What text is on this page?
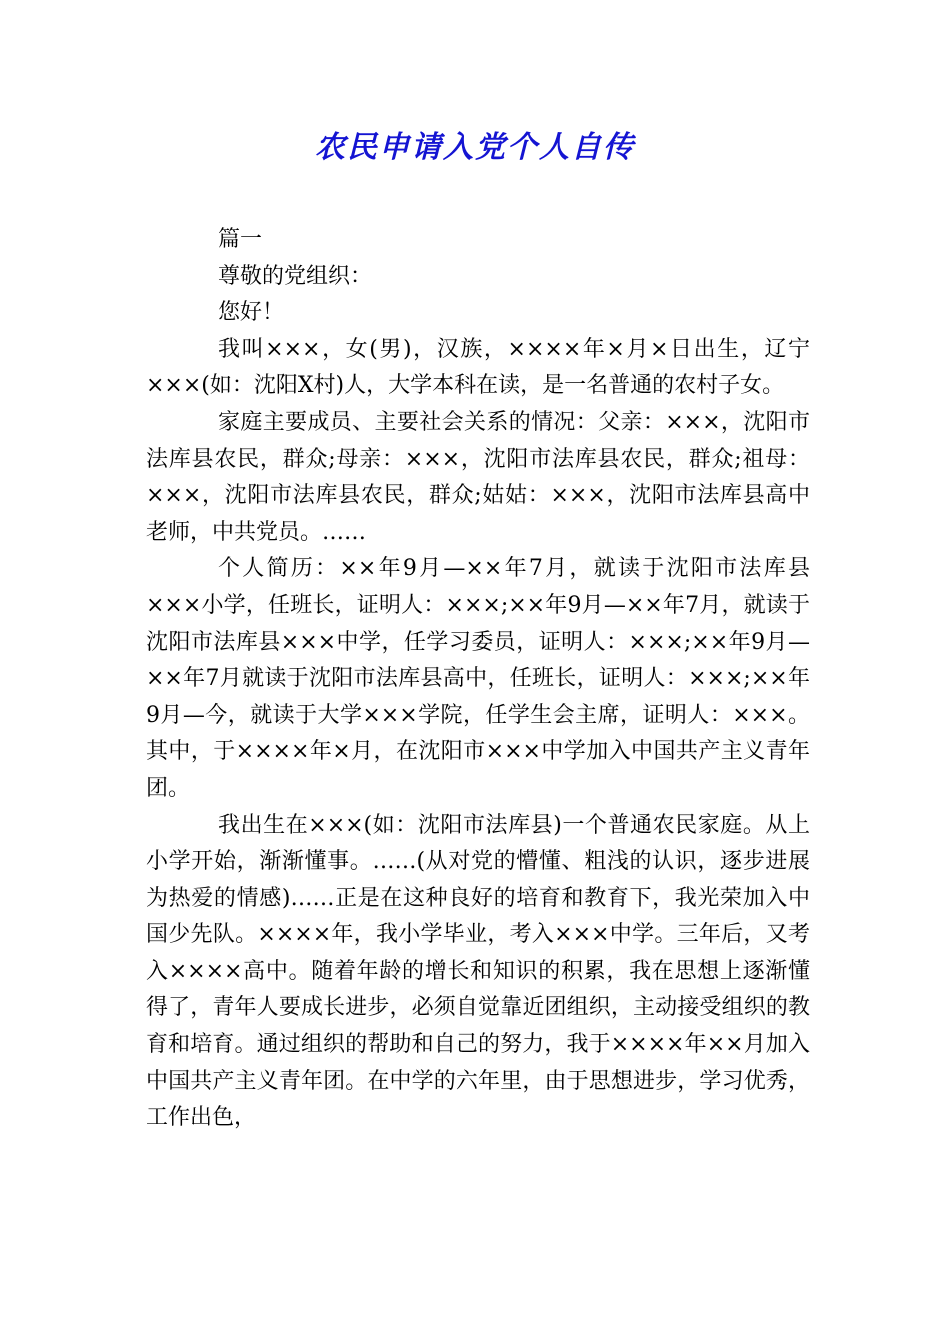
农民申请入党个人自传

篇一

尊敬的党组织：

您好！

我叫×××，女(男)，汉族，××××年×月×日出生，辽宁×××(如：沈阳X村)人，大学本科在读，是一名普通的农村子女。

家庭主要成员、主要社会关系的情况：父亲：×××，沈阳市法库县农民，群众;母亲：×××，沈阳市法库县农民，群众;祖母：×××，沈阳市法库县农民，群众;姑姑：×××，沈阳市法库县高中老师，中共党员。……

个人简历：××年9月—××年7月，就读于沈阳市法库县×××小学，任班长，证明人：×××;××年9月—××年7月，就读于沈阳市法库县×××中学，任学习委员，证明人：×××;××年9月—××年7月就读于沈阳市法库县高中，任班长，证明人：×××;××年9月—今，就读于大学×××学院，任学生会主席，证明人：×××。其中，于××××年×月，在沈阳市×××中学加入中国共产主义青年团。

我出生在×××(如：沈阳市法库县)一个普通农民家庭。从上小学开始，渐渐懂事。……(从对党的懵懂、粗浅的认识，逐步进展为热爱的情感)……正是在这种良好的培育和教育下，我光荣加入中国少先队。××××年，我小学毕业，考入×××中学。三年后，又考入××××高中。随着年龄的增长和知识的积累，我在思想上逐渐懂得了，青年人要成长进步，必须自觉靠近团组织，主动接受组织的教育和培育。通过组织的帮助和自己的努力，我于××××年××月加入中国共产主义青年团。在中学的六年里，由于思想进步，学习优秀，工作出色，
